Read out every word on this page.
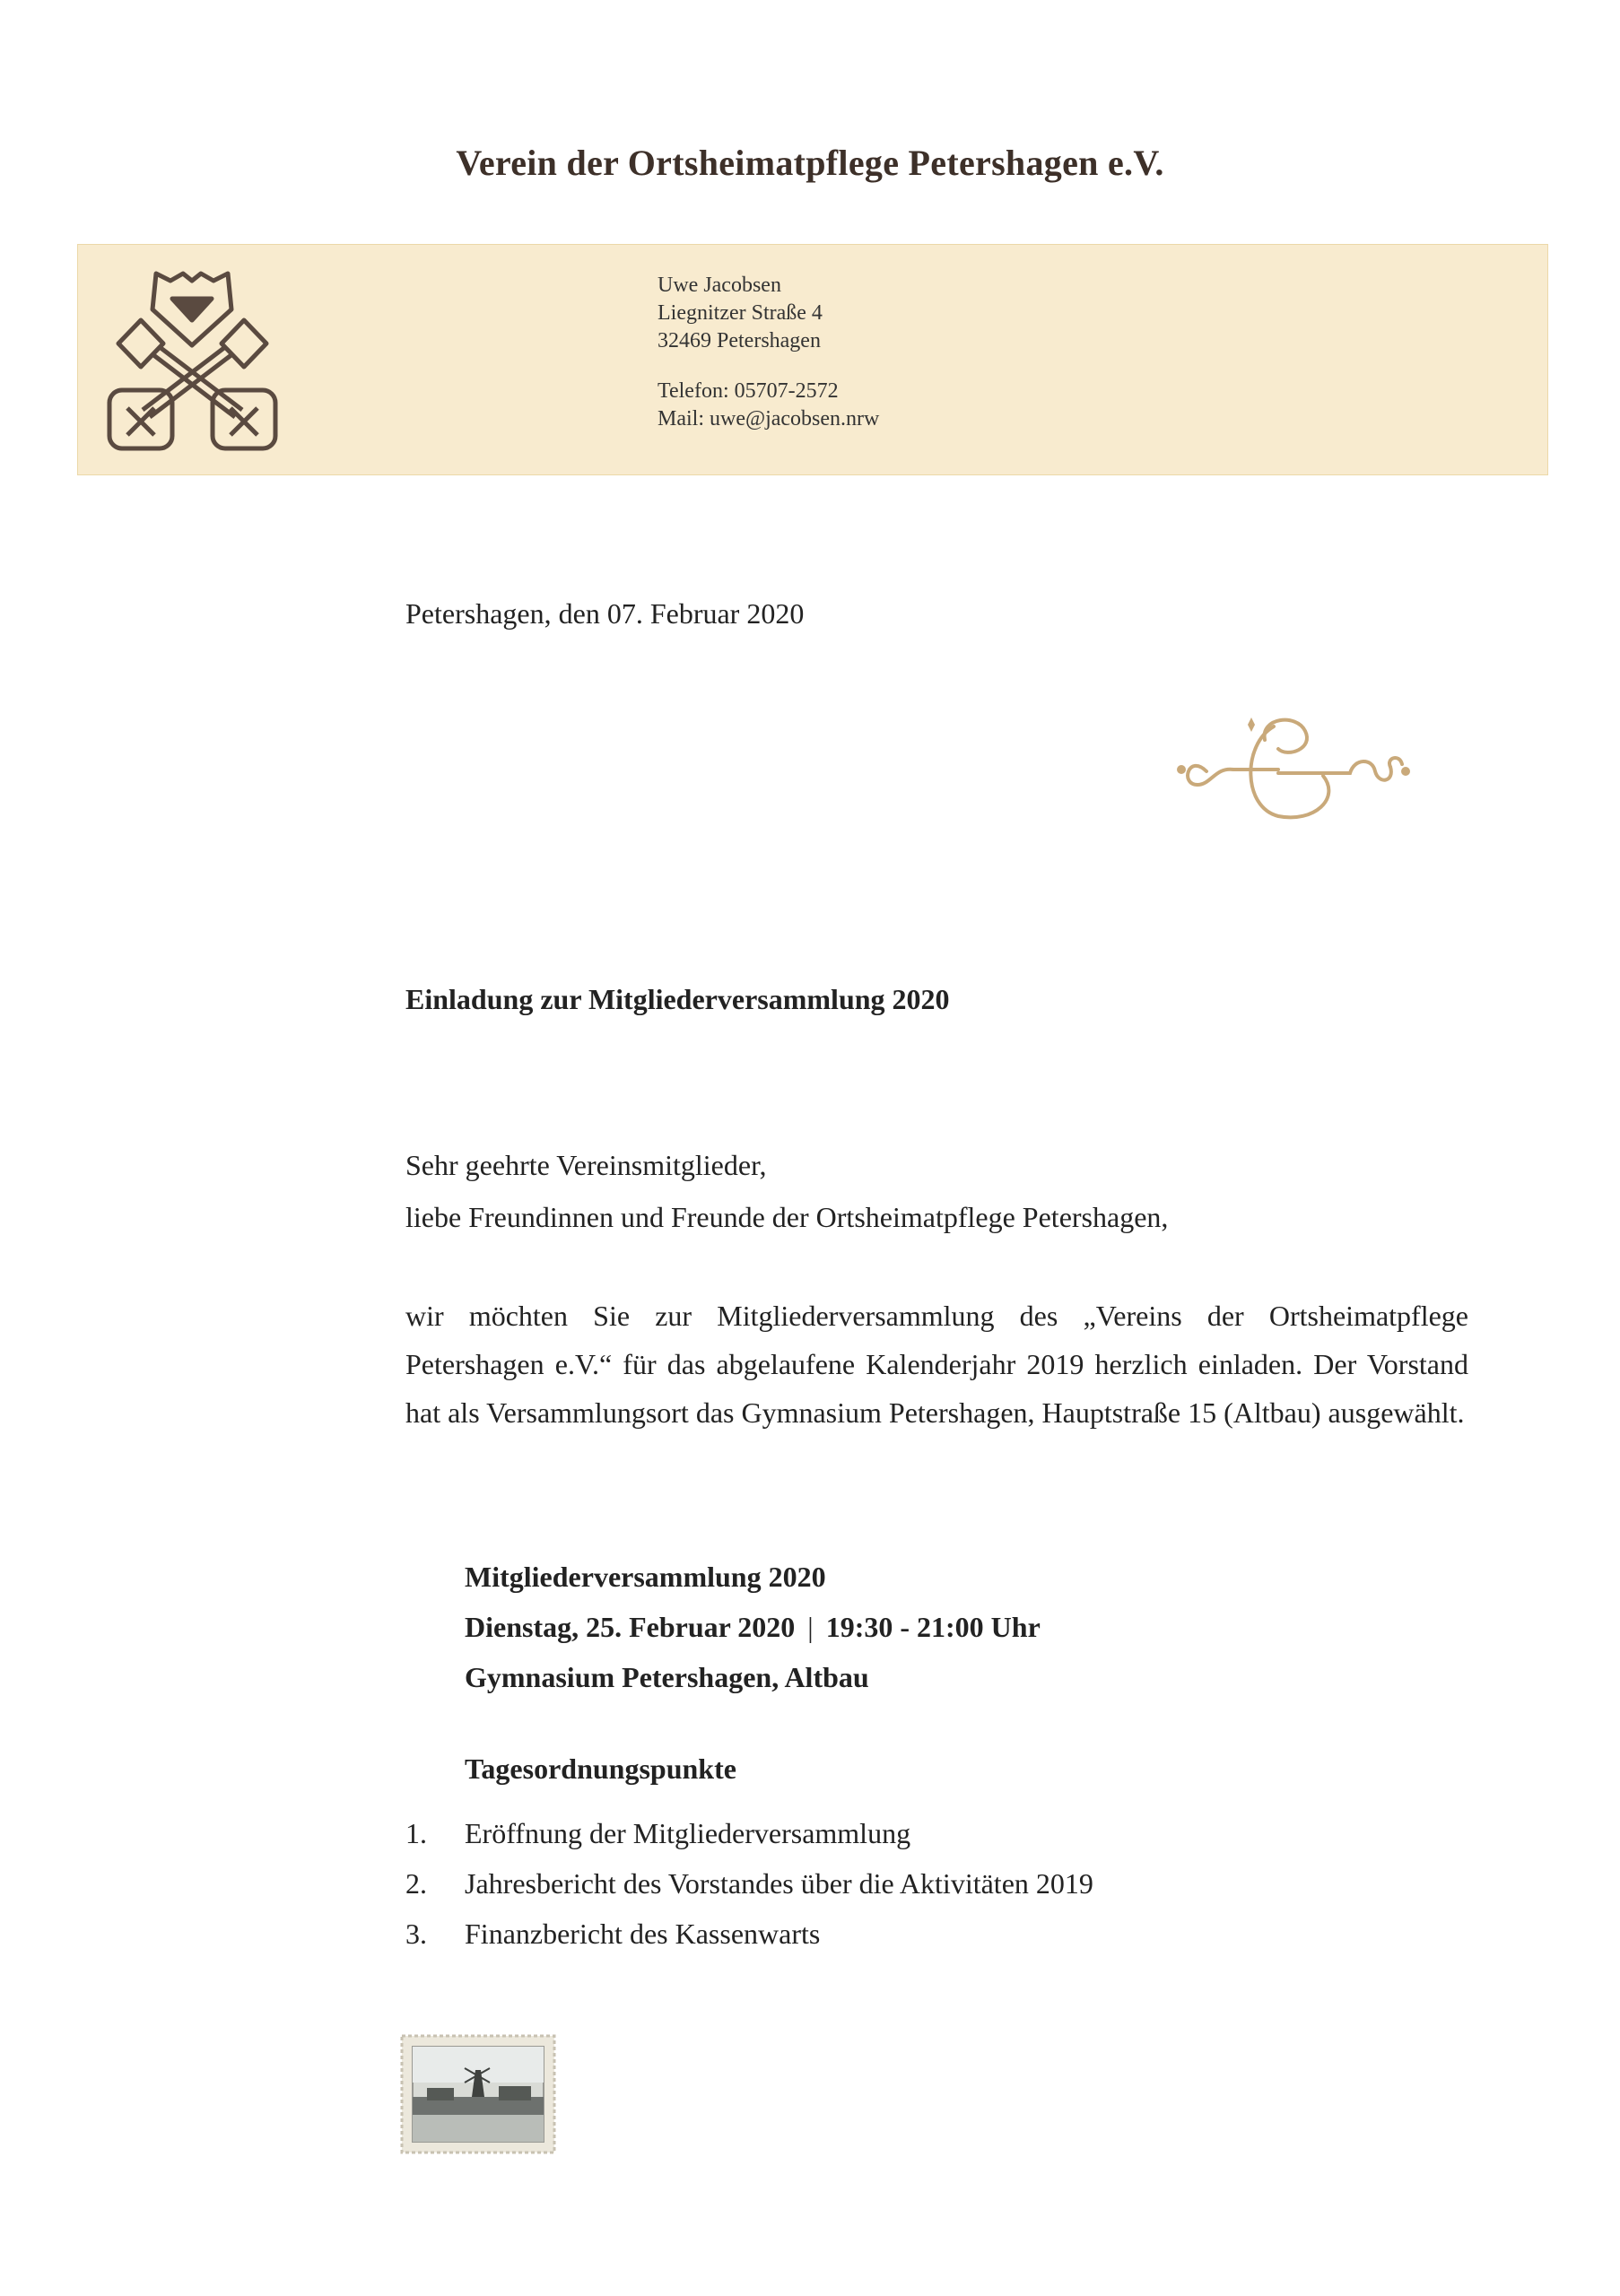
Verein der Ortsheimatpflege Petershagen e.V.
Uwe Jacobsen
Liegnitzer Straße 4
32469 Petershagen
Telefon: 05707-2572
Mail: uwe@jacobsen.nrw
Petershagen, den 07. Februar 2020
Einladung zur Mitgliederversammlung 2020
Sehr geehrte Vereinsmitglieder,
liebe Freundinnen und Freunde der Ortsheimatpflege Petershagen,
wir möchten Sie zur Mitgliederversammlung des „Vereins der Ortsheimatpflege Petershagen e.V.“ für das abgelaufene Kalenderjahr 2019 herzlich einladen. Der Vorstand hat als Versammlungsort das Gymnasium Petershagen, Hauptstraße 15 (Altbau) ausgewählt.
Mitgliederversammlung 2020
Dienstag, 25. Februar 2020 | 19:30 - 21:00 Uhr
Gymnasium Petershagen, Altbau
Tagesordnungspunkte
1.	Eröffnung der Mitgliederversammlung
2.	Jahresbericht des Vorstandes über die Aktivitäten 2019
3.	Finanzbericht des Kassenwarts
